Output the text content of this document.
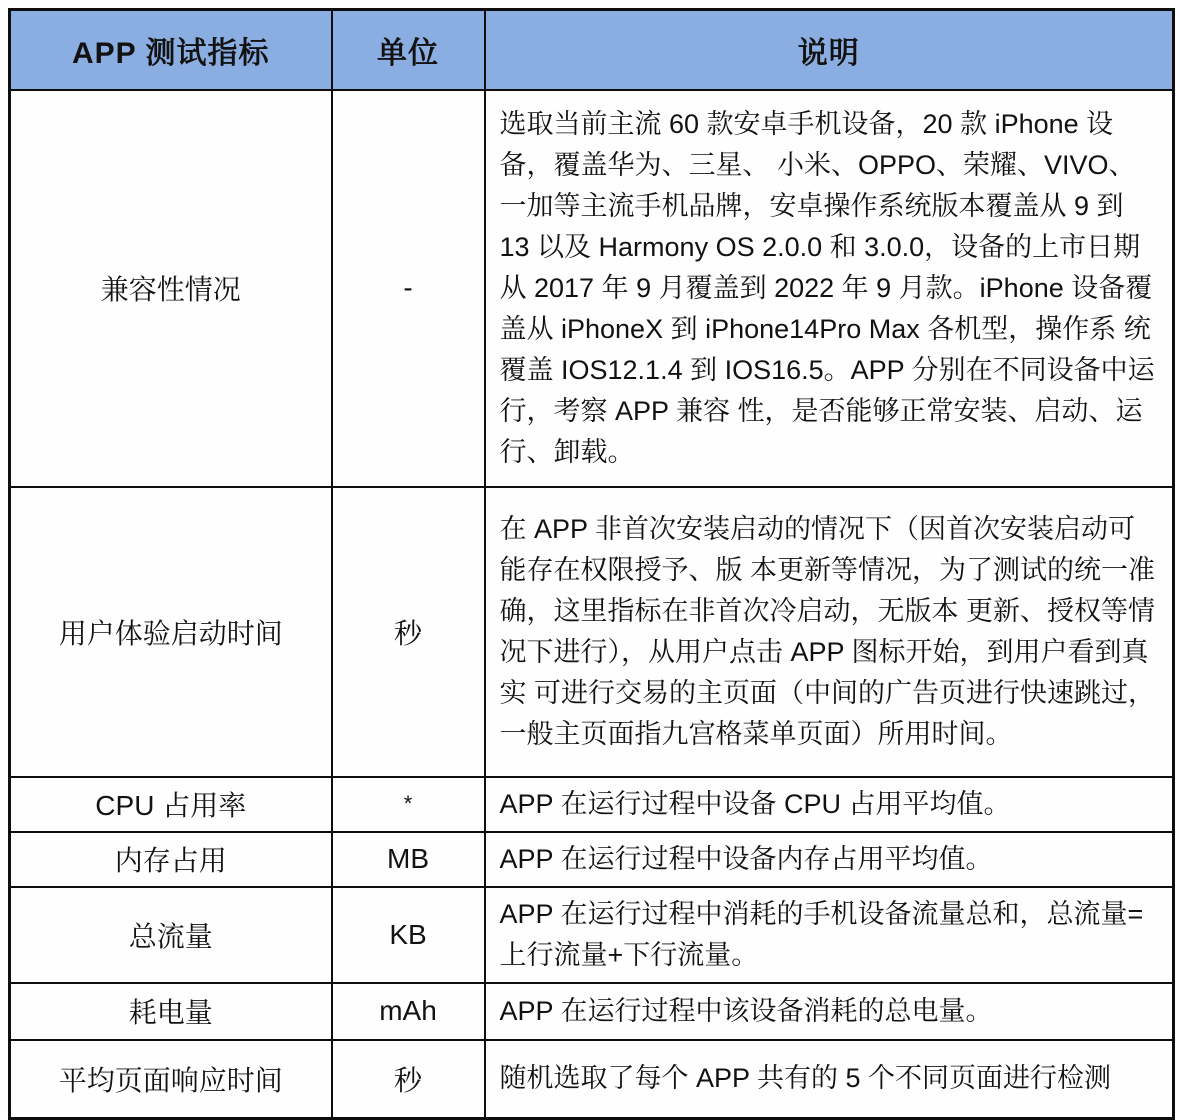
APP 测试指标	单位	说明
兼容性情况	-	选取当前主流 60 款安卓手机设备，20 款 iPhone 设备，覆盖华为、三星、 小米、OPPO、荣耀、VIVO、一加等主流手机品牌，安卓操作系统版本覆盖从 9 到 13 以及 Harmony OS 2.0.0 和 3.0.0，设备的上市日期从 2017 年 9 月覆盖到 2022 年 9 月款。iPhone 设备覆盖从 iPhoneX 到 iPhone14Pro Max 各机型，操作系 统覆盖 IOS12.1.4 到 IOS16.5。APP 分别在不同设备中运行，考察 APP 兼容 性，是否能够正常安装、启动、运行、卸载。
用户体验启动时间	秒	在 APP 非首次安装启动的情况下（因首次安装启动可能存在权限授予、版 本更新等情况，为了测试的统一准确，这里指标在非首次冷启动，无版本 更新、授权等情况下进行），从用户点击 APP 图标开始，到用户看到真实 可进行交易的主页面（中间的广告页进行快速跳过，一般主页面指九宫格菜单页面）所用时间。
CPU 占用率	*	APP 在运行过程中设备 CPU 占用平均值。
内存占用	MB	APP 在运行过程中设备内存占用平均值。
总流量	KB	APP 在运行过程中消耗的手机设备流量总和，总流量=上行流量+下行流量。
耗电量	mAh	APP 在运行过程中该设备消耗的总电量。
平均页面响应时间	秒	随机选取了每个 APP 共有的 5 个不同页面进行检测
